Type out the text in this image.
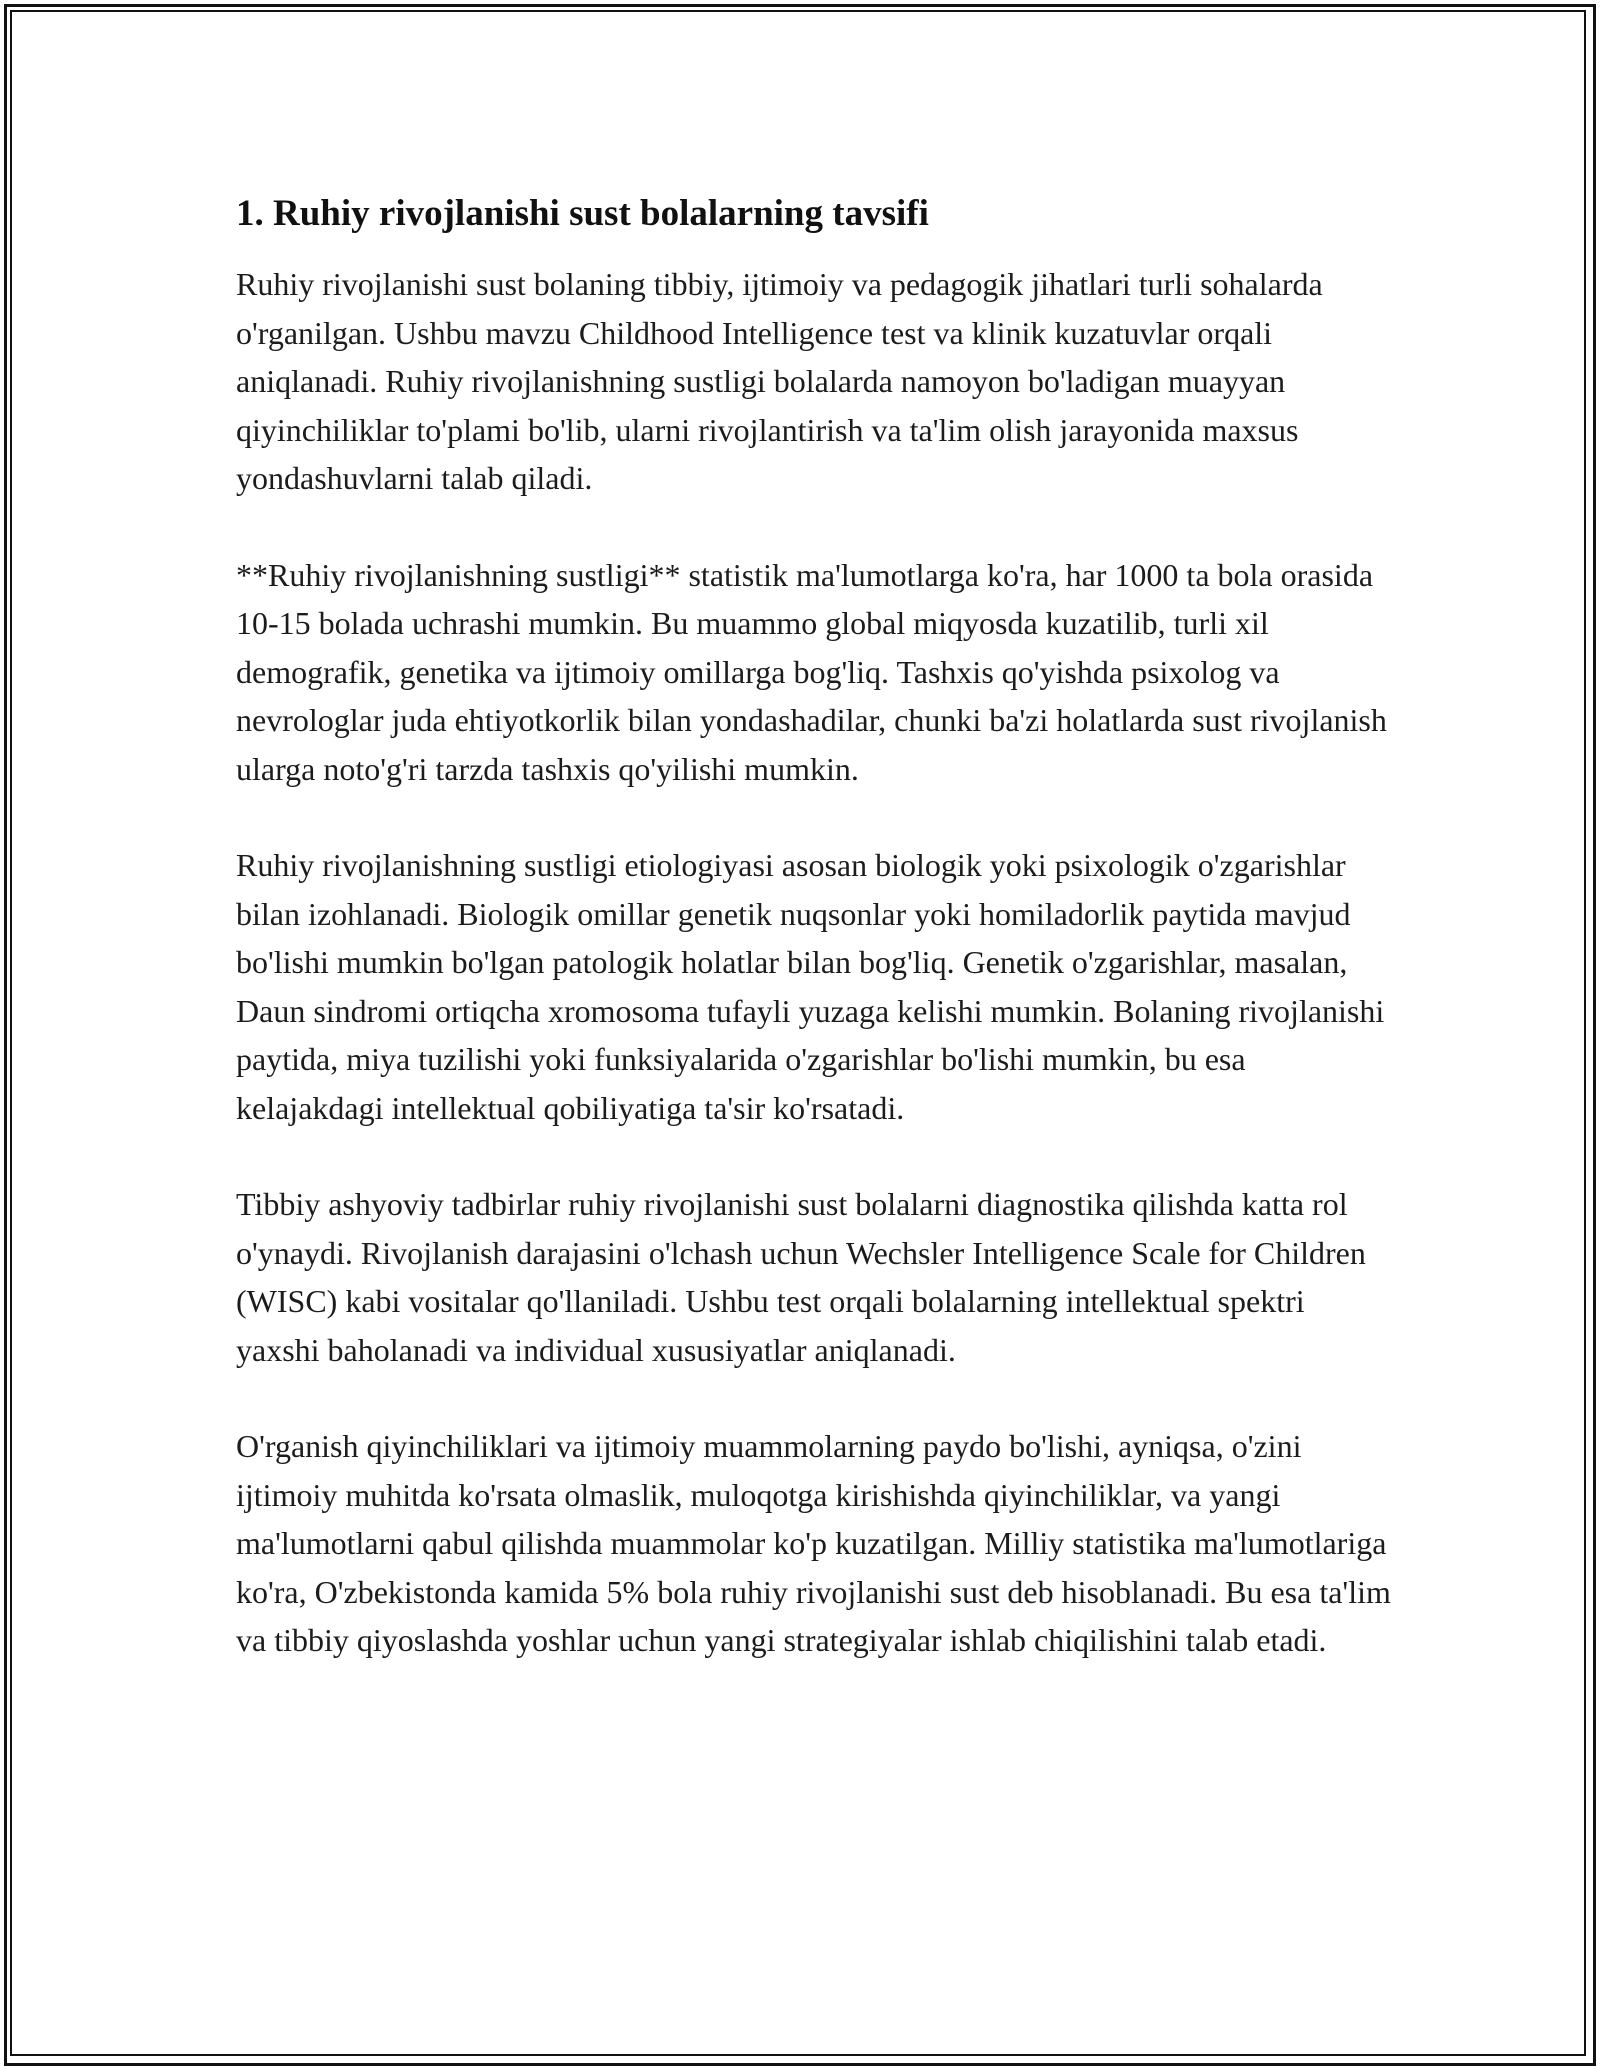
1. Ruhiy rivojlanishi sust bolalarning tavsifi

Ruhiy rivojlanishi sust bolaning tibbiy, ijtimoiy va pedagogik jihatlari turli sohalarda o'rganilgan. Ushbu mavzu Childhood Intelligence test va klinik kuzatuvlar orqali aniqlanadi. Ruhiy rivojlanishning sustligi bolalarda namoyon bo'ladigan muayyan qiyinchiliklar to'plami bo'lib, ularni rivojlantirish va ta'lim olish jarayonida maxsus yondashuvlarni talab qiladi.

**Ruhiy rivojlanishning sustligi** statistik ma'lumotlarga ko'ra, har 1000 ta bola orasida 10-15 bolada uchrashi mumkin. Bu muammo global miqyosda kuzatilib, turli xil demografik, genetika va ijtimoiy omillarga bog'liq. Tashxis qo'yishda psixolog va nevrologlar juda ehtiyotkorlik bilan yondashadilar, chunki ba'zi holatlarda sust rivojlanish ularga noto'g'ri tarzda tashxis qo'yilishi mumkin.

Ruhiy rivojlanishning sustligi etiologiyasi asosan biologik yoki psixologik o'zgarishlar bilan izohlanadi. Biologik omillar genetik nuqsonlar yoki homiladorlik paytida mavjud bo'lishi mumkin bo'lgan patologik holatlar bilan bog'liq. Genetik o'zgarishlar, masalan, Daun sindromi ortiqcha xromosoma tufayli yuzaga kelishi mumkin. Bolaning rivojlanishi paytida, miya tuzilishi yoki funksiyalarida o'zgarishlar bo'lishi mumkin, bu esa kelajakdagi intellektual qobiliyatiga ta'sir ko'rsatadi.

Tibbiy ashyoviy tadbirlar ruhiy rivojlanishi sust bolalarni diagnostika qilishda katta rol o'ynaydi. Rivojlanish darajasini o'lchash uchun Wechsler Intelligence Scale for Children (WISC) kabi vositalar qo'llaniladi. Ushbu test orqali bolalarning intellektual spektri yaxshi baholanadi va individual xususiyatlar aniqlanadi.

O'rganish qiyinchiliklari va ijtimoiy muammolarning paydo bo'lishi, ayniqsa, o'zini ijtimoiy muhitda ko'rsata olmaslik, muloqotga kirishishda qiyinchiliklar, va yangi ma'lumotlarni qabul qilishda muammolar ko'p kuzatilgan. Milliy statistika ma'lumotlariga ko'ra, O'zbekistonda kamida 5% bola ruhiy rivojlanishi sust deb hisoblanadi. Bu esa ta'lim va tibbiy qiyoslashda yoshlar uchun yangi strategiyalar ishlab chiqilishini talab etadi.
